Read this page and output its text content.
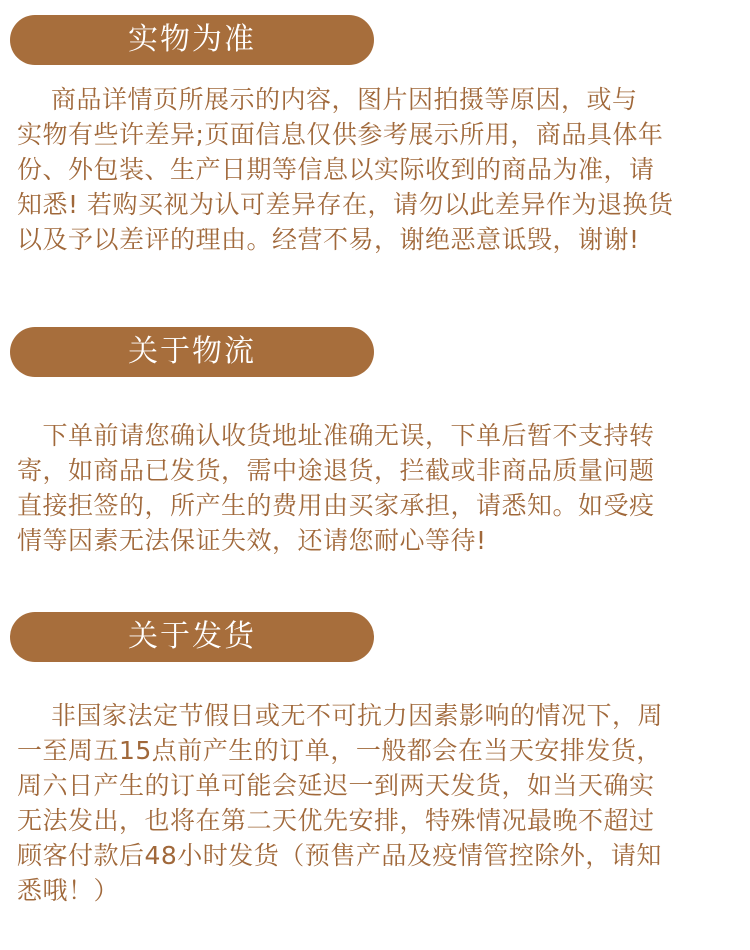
实物为准

　 商品详情页所展示的内容，图片因拍摄等原因，或与
实物有些许差异;页面信息仅供参考展示所用，商品具体年
份、外包装、生产日期等信息以实际收到的商品为准，请
知悉! 若购买视为认可差异存在，请勿以此差异作为退换货
以及予以差评的理由。经营不易，谢绝恶意诋毁，谢谢!

关于物流

　下单前请您确认收货地址准确无误，下单后暂不支持转
寄，如商品已发货，需中途退货，拦截或非商品质量问题
直接拒签的，所产生的费用由买家承担，请悉知。如受疫
情等因素无法保证失效，还请您耐心等待!

关于发货

　 非国家法定节假日或无不可抗力因素影响的情况下，周
一至周五15点前产生的订单，一般都会在当天安排发货，
周六日产生的订单可能会延迟一到两天发货，如当天确实
无法发出，也将在第二天优先安排，特殊情况最晚不超过
顾客付款后48小时发货（预售产品及疫情管控除外，请知
悉哦！）
